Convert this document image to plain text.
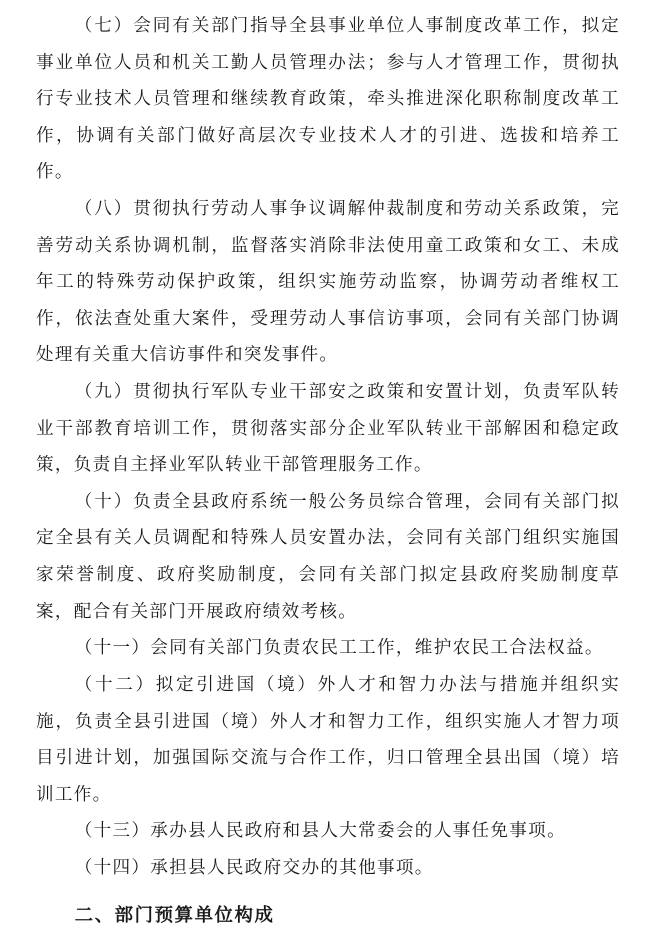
（七）会同有关部门指导全县事业单位人事制度改革工作，拟定事业单位人员和机关工勤人员管理办法；参与人才管理工作，贯彻执行专业技术人员管理和继续教育政策，牵头推进深化职称制度改革工作，协调有关部门做好高层次专业技术人才的引进、选拔和培养工作。

（八）贯彻执行劳动人事争议调解仲裁制度和劳动关系政策，完善劳动关系协调机制，监督落实消除非法使用童工政策和女工、未成年工的特殊劳动保护政策，组织实施劳动监察，协调劳动者维权工作，依法查处重大案件，受理劳动人事信访事项，会同有关部门协调处理有关重大信访事件和突发事件。

（九）贯彻执行军队专业干部安之政策和安置计划，负责军队转业干部教育培训工作，贯彻落实部分企业军队转业干部解困和稳定政策，负责自主择业军队转业干部管理服务工作。

（十）负责全县政府系统一般公务员综合管理，会同有关部门拟定全县有关人员调配和特殊人员安置办法，会同有关部门组织实施国家荣誉制度、政府奖励制度，会同有关部门拟定县政府奖励制度草案，配合有关部门开展政府绩效考核。

（十一）会同有关部门负责农民工工作，维护农民工合法权益。

（十二）拟定引进国（境）外人才和智力办法与措施并组织实施，负责全县引进国（境）外人才和智力工作，组织实施人才智力项目引进计划，加强国际交流与合作工作，归口管理全县出国（境）培训工作。

（十三）承办县人民政府和县人大常委会的人事任免事项。

（十四）承担县人民政府交办的其他事项。

二、部门预算单位构成
